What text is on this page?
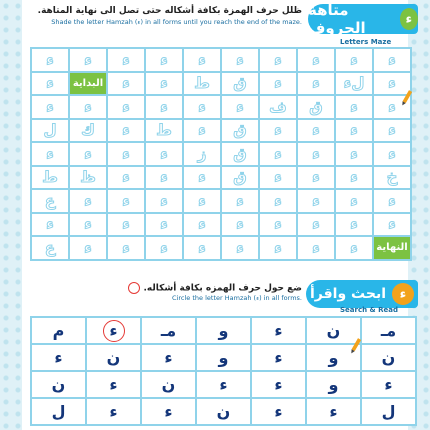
متاهة الحروف	ء
ظلل حرف الهمزة بكافة أشكاله حتى تصل الى نهاية المتاهة.
Shade the letter Hamzah (ء) in all forms until you reach the end of the maze.
Letters Maze
ء
ء
ء
ء
ء
ء
ء
ء
ء
ء
ء
لء
ء
ء
ق
ط
ء
ء
البداية
ء
ء
ء
ق
ف
ء
ء
ء
ء
ء
ء
ء
ء
ء
ء
ق
ء
ط
ء
ك
ل
ء
ء
ء
ء
ق
ز
ء
ء
ء
ء
خ
ء
ء
ء
ق
ء
ء
ء
ظ
ط
ء
ء
ء
ء
ء
ء
ء
ء
ء
ع
ء
ء
ء
ء
ء
ء
ء
ء
ء
ء
النهاية
ء
ء
ء
ء
ء
ء
ء
ء
ع
ابحث واقرأ	ء
ضع حول حرف الهمزه بكافة أشكاله.
Circle the letter Hamzah (ء) in all forms.
Search & Read
مـ
ن
ء
و
مـ
ء
م
ن
و
ء
و
ء
ن
ء
ء
و
ء
ء
ن
ء
ن
ل
ء
ء
ن
ء
ء
ل
